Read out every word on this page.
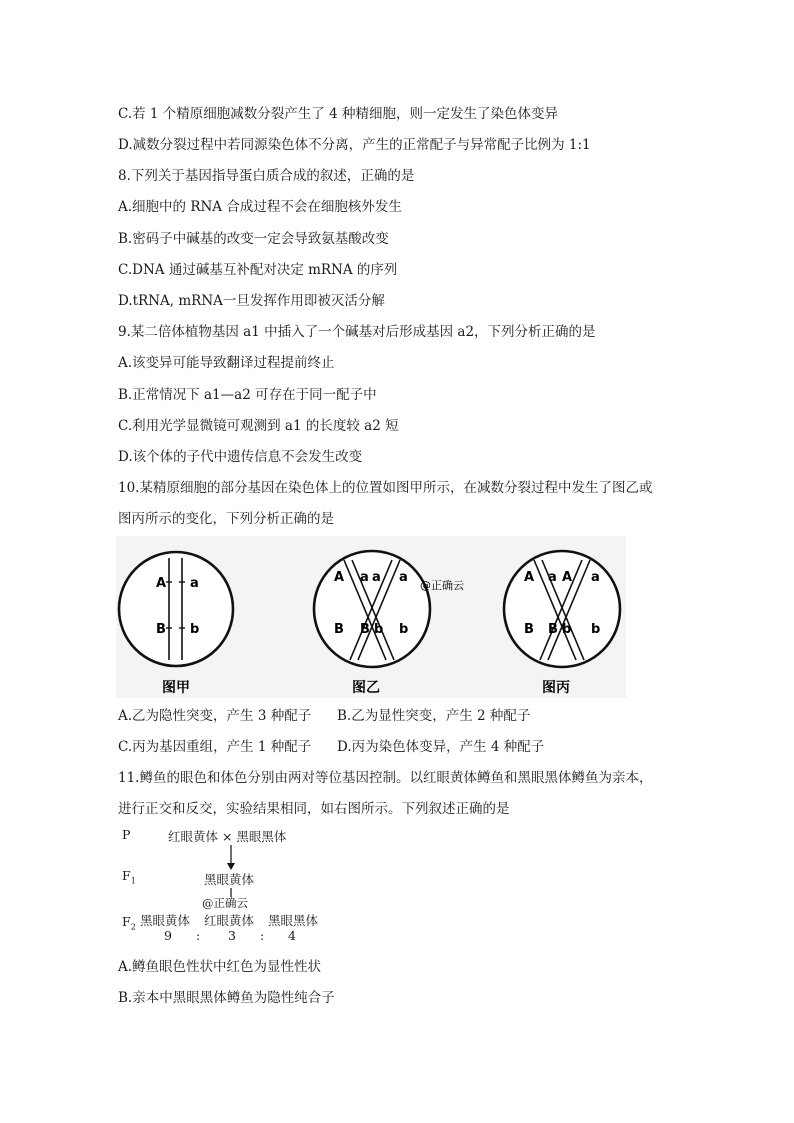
C.若 1 个精原细胞减数分裂产生了 4 种精细胞，则一定发生了染色体变异
D.减数分裂过程中若同源染色体不分离，产生的正常配子与异常配子比例为 1:1
8.下列关于基因指导蛋白质合成的叙述，正确的是
A.细胞中的 RNA 合成过程不会在细胞核外发生
B.密码子中碱基的改变一定会导致氨基酸改变
C.DNA 通过碱基互补配对决定 mRNA 的序列
D.tRNA, mRNA一旦发挥作用即被灭活分解
9.某二倍体植物基因 a1 中插入了一个碱基对后形成基因 a2，下列分析正确的是
A.该变异可能导致翻译过程提前终止
B.正常情况下 a1—a2 可存在于同一配子中
C.利用光学显微镜可观测到 a1 的长度较 a2 短
D.该个体的子代中遗传信息不会发生改变
10.某精原细胞的部分基因在染色体上的位置如图甲所示，在减数分裂过程中发生了图乙或
图丙所示的变化，下列分析正确的是
A a
B b
A a a a
B B b b
@正确云
A a A a
B B b b
图甲	图乙	图丙
A.乙为隐性突变，产生 3 种配子 B.乙为显性突变，产生 2 种配子
C.丙为基因重组，产生 1 种配子 D.丙为染色体变异，产生 4 种配子
11.鳟鱼的眼色和体色分别由两对等位基因控制。以红眼黄体鳟鱼和黑眼黑体鳟鱼为亲本，
进行正交和反交，实验结果相同，如右图所示。下列叙述正确的是
P	红眼黄体 × 黑眼黑体
$F_1$	黑眼黄体
@正确云
$F_2$ 黑眼黄体 红眼黄体 黑眼黑体
9 : 3 : 4
A.鳟鱼眼色性状中红色为显性性状
B.亲本中黑眼黑体鳟鱼为隐性纯合子
